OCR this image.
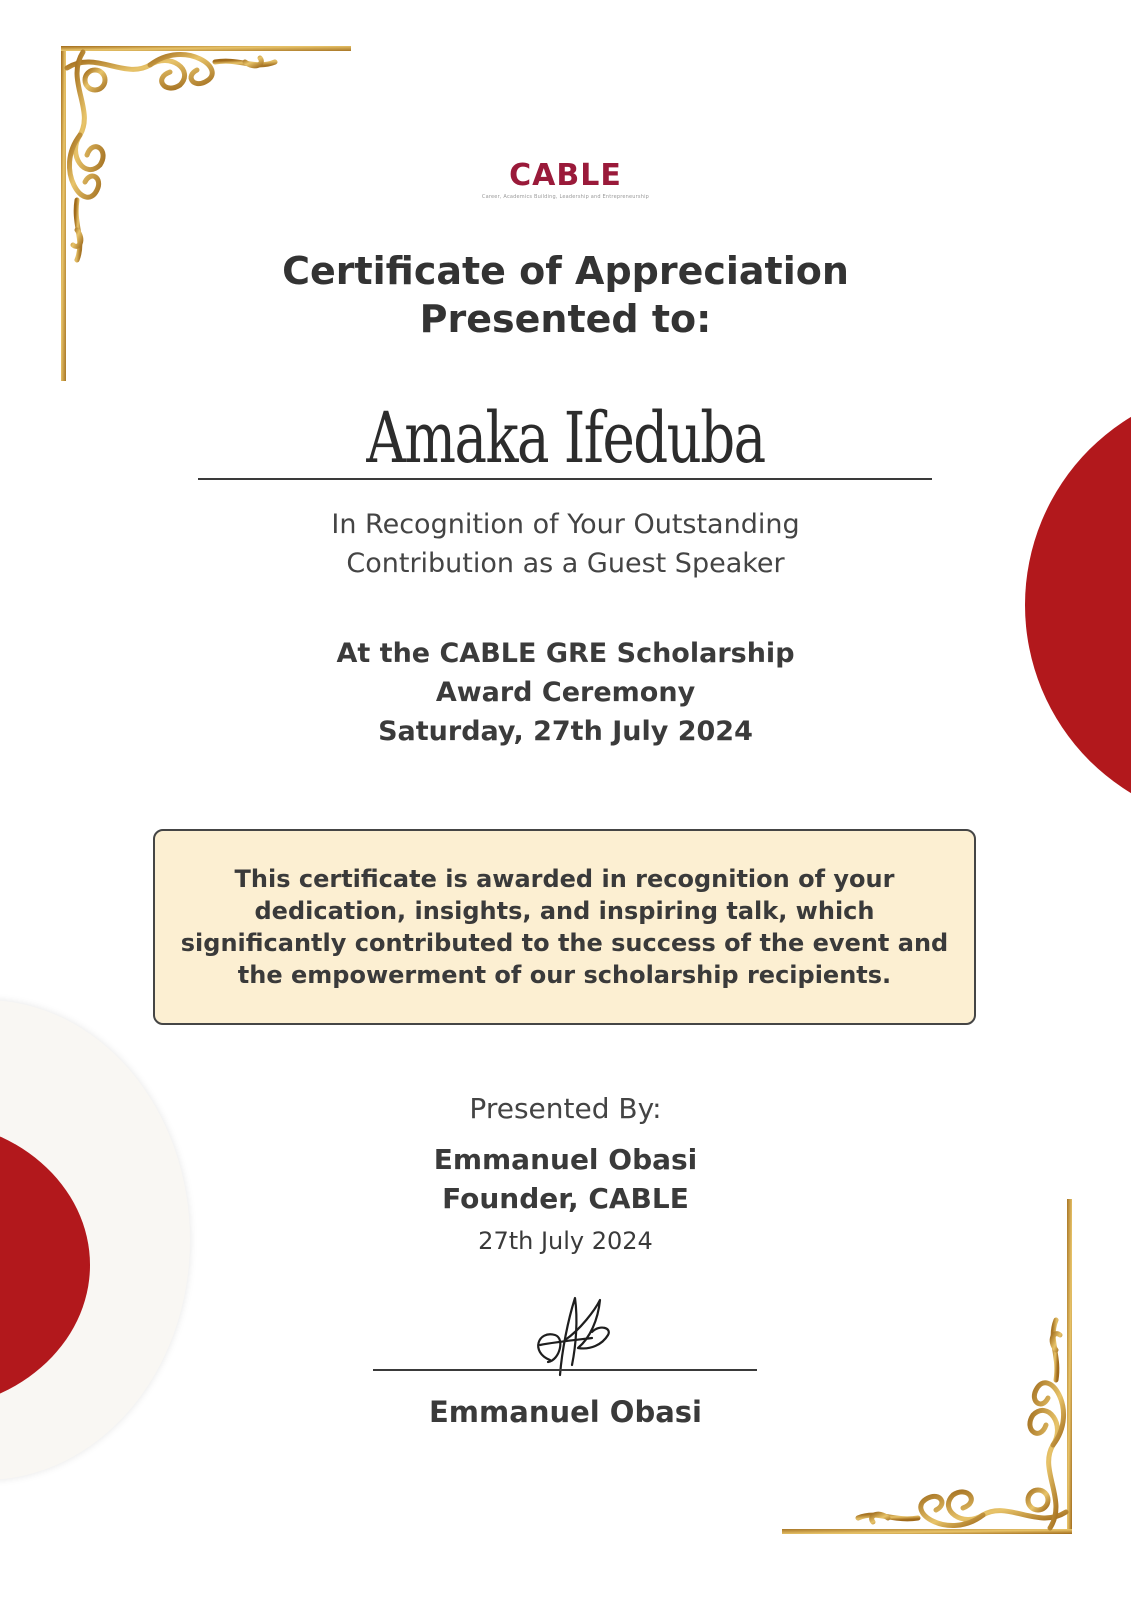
CABLE
Career, Academics Building, Leadership and Entrepreneurship
Certificate of Appreciation
Presented to:
Amaka Ifeduba
In Recognition of Your Outstanding
Contribution as a Guest Speaker
At the CABLE GRE Scholarship
Award Ceremony
Saturday, 27th July 2024
This certificate is awarded in recognition of your
dedication, insights, and inspiring talk, which
significantly contributed to the success of the event and
the empowerment of our scholarship recipients.
Presented By:
Emmanuel Obasi
Founder, CABLE
27th July 2024
Emmanuel Obasi
